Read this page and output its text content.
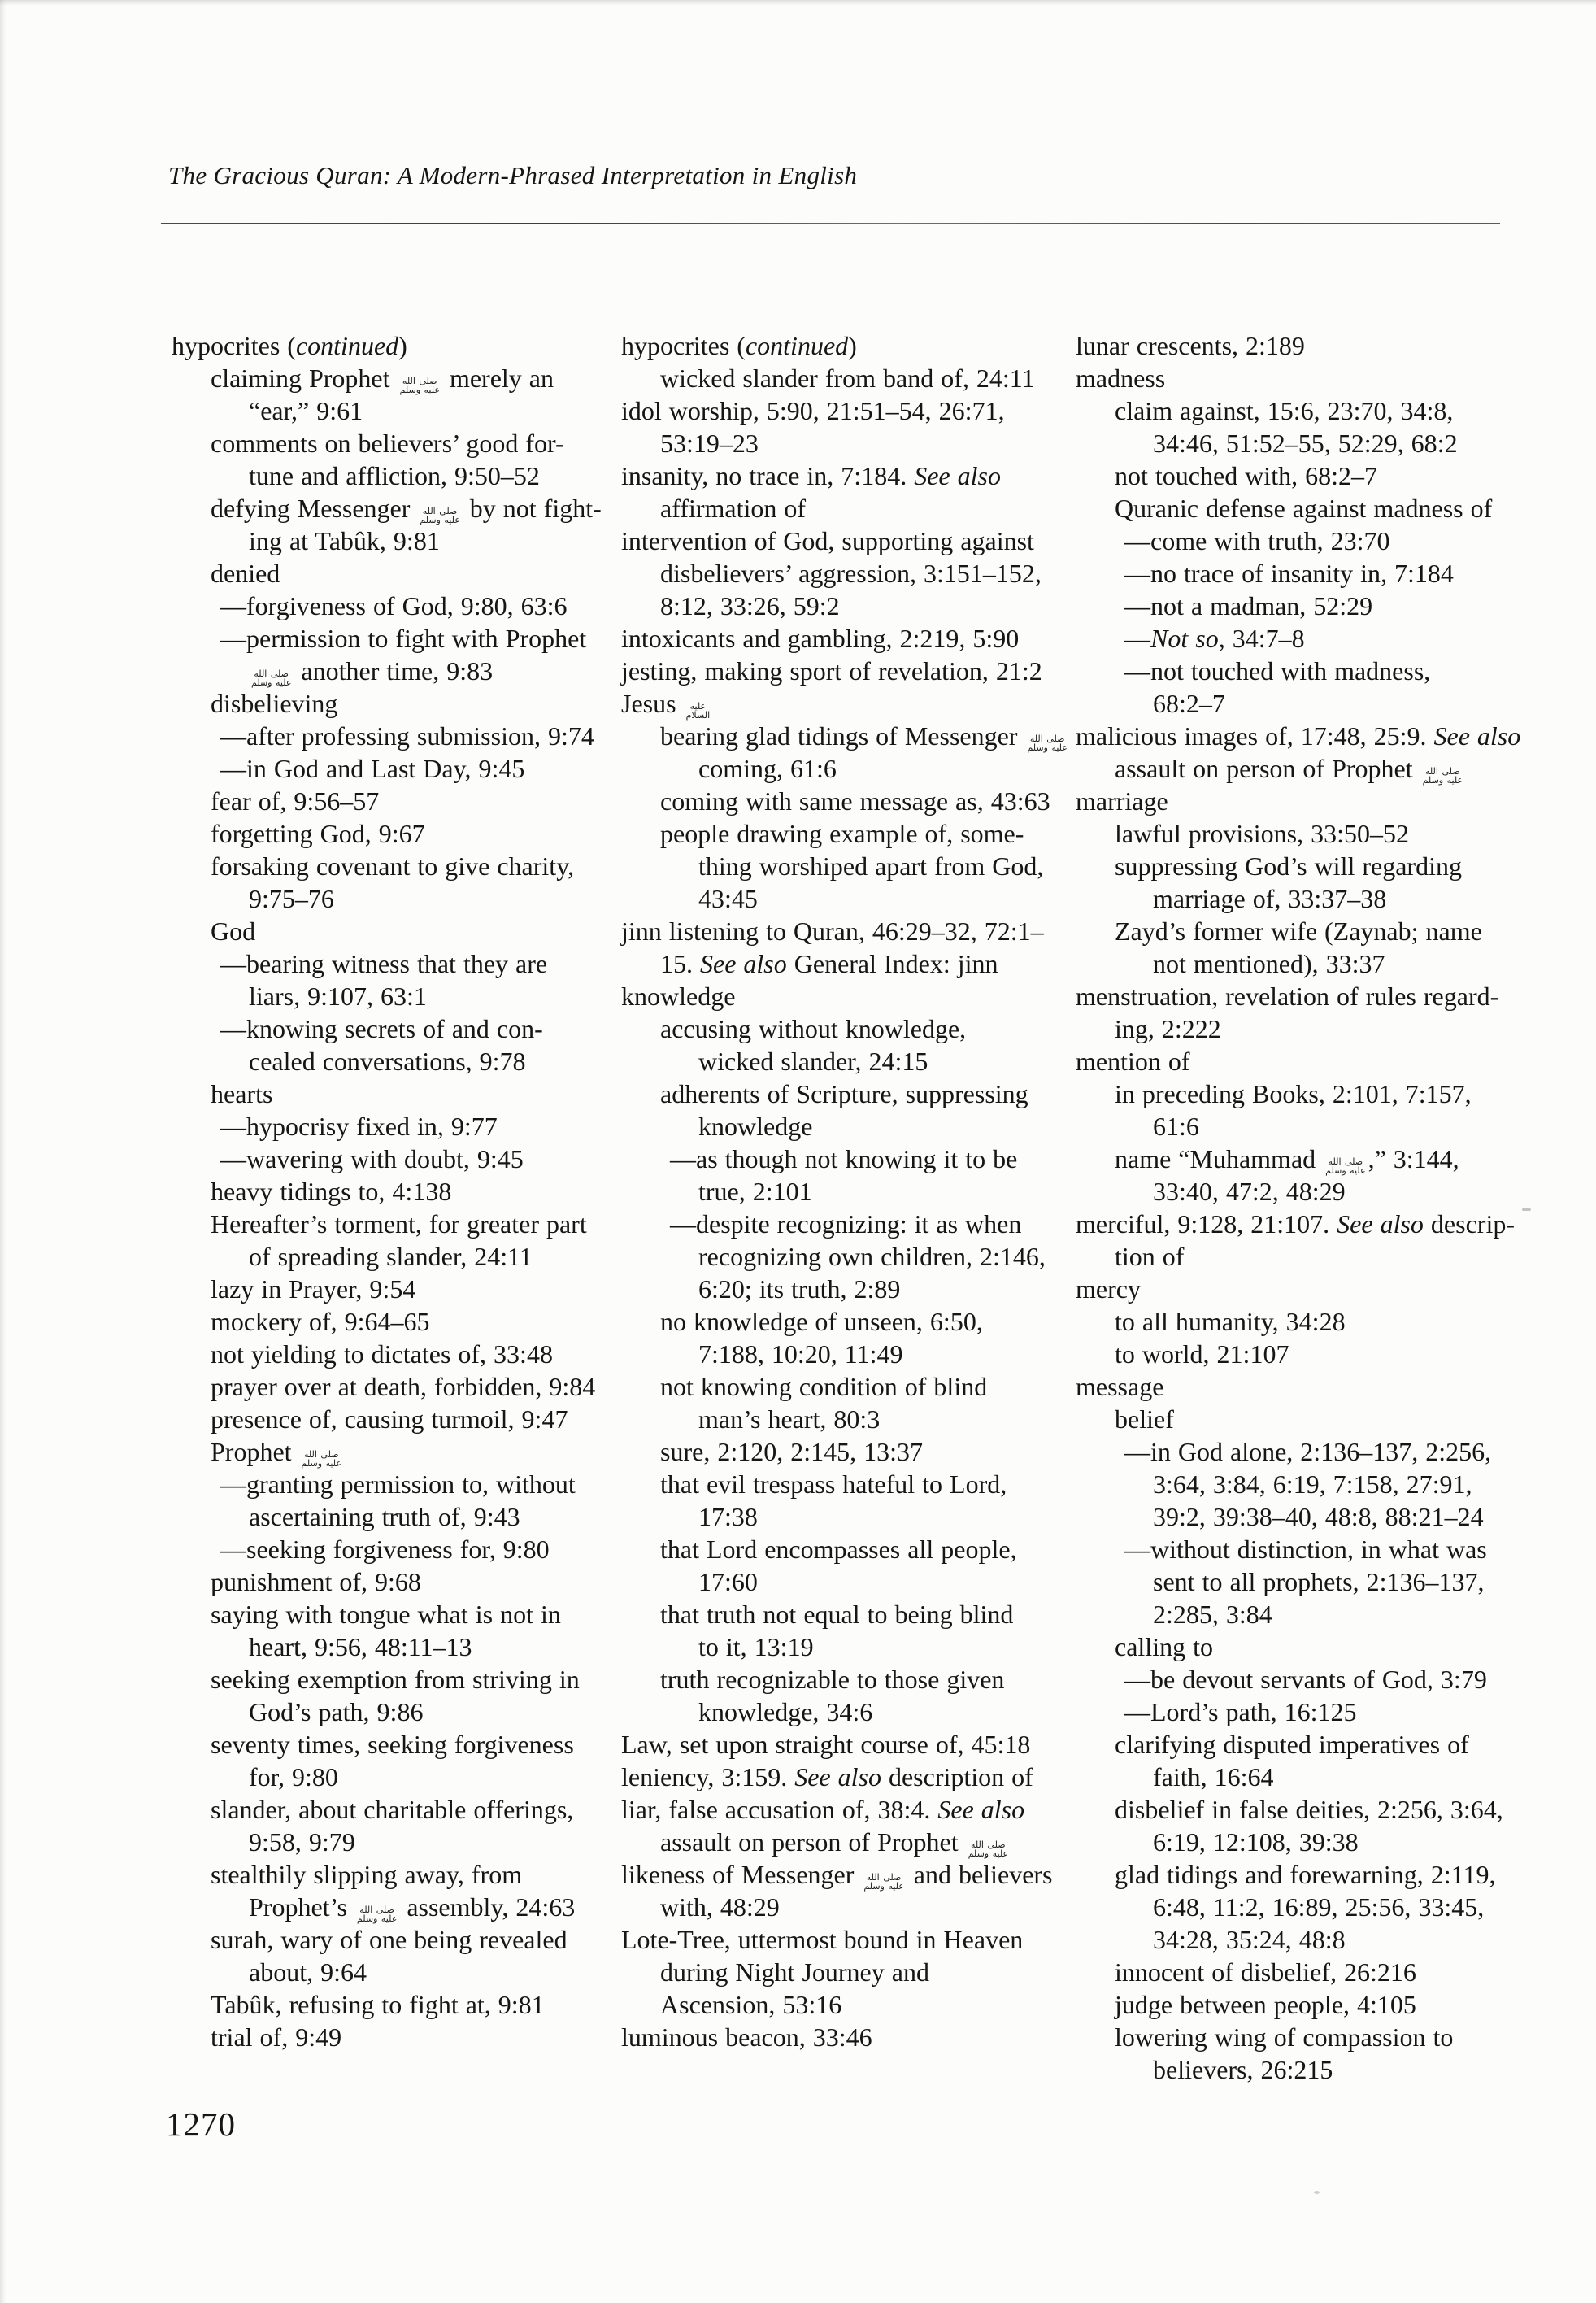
The Gracious Quran: A Modern-Phrased Interpretation in English
hypocrites (continued)
claiming Prophet صلى الله
عليه وسلم merely an
“ear,” 9:61
comments on believers’ good for-
tune and affliction, 9:50–52
defying Messenger صلى الله
عليه وسلم by not fight-
ing at Tabûk, 9:81
denied
—forgiveness of God, 9:80, 63:6
—permission to fight with Prophet
صلى الله
عليه وسلم another time, 9:83
disbelieving
—after professing submission, 9:74
—in God and Last Day, 9:45
fear of, 9:56–57
forgetting God, 9:67
forsaking covenant to give charity,
9:75–76
God
—bearing witness that they are
liars, 9:107, 63:1
—knowing secrets of and con-
cealed conversations, 9:78
hearts
—hypocrisy fixed in, 9:77
—wavering with doubt, 9:45
heavy tidings to, 4:138
Hereafter’s torment, for greater part
of spreading slander, 24:11
lazy in Prayer, 9:54
mockery of, 9:64–65
not yielding to dictates of, 33:48
prayer over at death, forbidden, 9:84
presence of, causing turmoil, 9:47
Prophet صلى الله
عليه وسلم
—granting permission to, without
ascertaining truth of, 9:43
—seeking forgiveness for, 9:80
punishment of, 9:68
saying with tongue what is not in
heart, 9:56, 48:11–13
seeking exemption from striving in
God’s path, 9:86
seventy times, seeking forgiveness
for, 9:80
slander, about charitable offerings,
9:58, 9:79
stealthily slipping away, from
Prophet’s صلى الله
عليه وسلم assembly, 24:63
surah, wary of one being revealed
about, 9:64
Tabûk, refusing to fight at, 9:81
trial of, 9:49
hypocrites (continued)
wicked slander from band of, 24:11
idol worship, 5:90, 21:51–54, 26:71,
53:19–23
insanity, no trace in, 7:184. See also
affirmation of
intervention of God, supporting against
disbelievers’ aggression, 3:151–152,
8:12, 33:26, 59:2
intoxicants and gambling, 2:219, 5:90
jesting, making sport of revelation, 21:2
Jesus عليه
السلام
bearing glad tidings of Messenger صلى الله
عليه وسلم
coming, 61:6
coming with same message as, 43:63
people drawing example of, some-
thing worshiped apart from God,
43:45
jinn listening to Quran, 46:29–32, 72:1–
15. See also General Index: jinn
knowledge
accusing without knowledge,
wicked slander, 24:15
adherents of Scripture, suppressing
knowledge
—as though not knowing it to be
true, 2:101
—despite recognizing: it as when
recognizing own children, 2:146,
6:20; its truth, 2:89
no knowledge of unseen, 6:50,
7:188, 10:20, 11:49
not knowing condition of blind
man’s heart, 80:3
sure, 2:120, 2:145, 13:37
that evil trespass hateful to Lord,
17:38
that Lord encompasses all people,
17:60
that truth not equal to being blind
to it, 13:19
truth recognizable to those given
knowledge, 34:6
Law, set upon straight course of, 45:18
leniency, 3:159. See also description of
liar, false accusation of, 38:4. See also
assault on person of Prophet صلى الله
عليه وسلم
likeness of Messenger صلى الله
عليه وسلم and believers
with, 48:29
Lote-Tree, uttermost bound in Heaven
during Night Journey and
Ascension, 53:16
luminous beacon, 33:46
lunar crescents, 2:189
madness
claim against, 15:6, 23:70, 34:8,
34:46, 51:52–55, 52:29, 68:2
not touched with, 68:2–7
Quranic defense against madness of
—come with truth, 23:70
—no trace of insanity in, 7:184
—not a madman, 52:29
—Not so, 34:7–8
—not touched with madness,
68:2–7
malicious images of, 17:48, 25:9. See also
assault on person of Prophet صلى الله
عليه وسلم
marriage
lawful provisions, 33:50–52
suppressing God’s will regarding
marriage of, 33:37–38
Zayd’s former wife (Zaynab; name
not mentioned), 33:37
menstruation, revelation of rules regard-
ing, 2:222
mention of
in preceding Books, 2:101, 7:157,
61:6
name “Muhammad صلى الله
عليه وسلم ,” 3:144,
33:40, 47:2, 48:29
merciful, 9:128, 21:107. See also descrip-
tion of
mercy
to all humanity, 34:28
to world, 21:107
message
belief
—in God alone, 2:136–137, 2:256,
3:64, 3:84, 6:19, 7:158, 27:91,
39:2, 39:38–40, 48:8, 88:21–24
—without distinction, in what was
sent to all prophets, 2:136–137,
2:285, 3:84
calling to
—be devout servants of God, 3:79
—Lord’s path, 16:125
clarifying disputed imperatives of
faith, 16:64
disbelief in false deities, 2:256, 3:64,
6:19, 12:108, 39:38
glad tidings and forewarning, 2:119,
6:48, 11:2, 16:89, 25:56, 33:45,
34:28, 35:24, 48:8
innocent of disbelief, 26:216
judge between people, 4:105
lowering wing of compassion to
believers, 26:215
1270
